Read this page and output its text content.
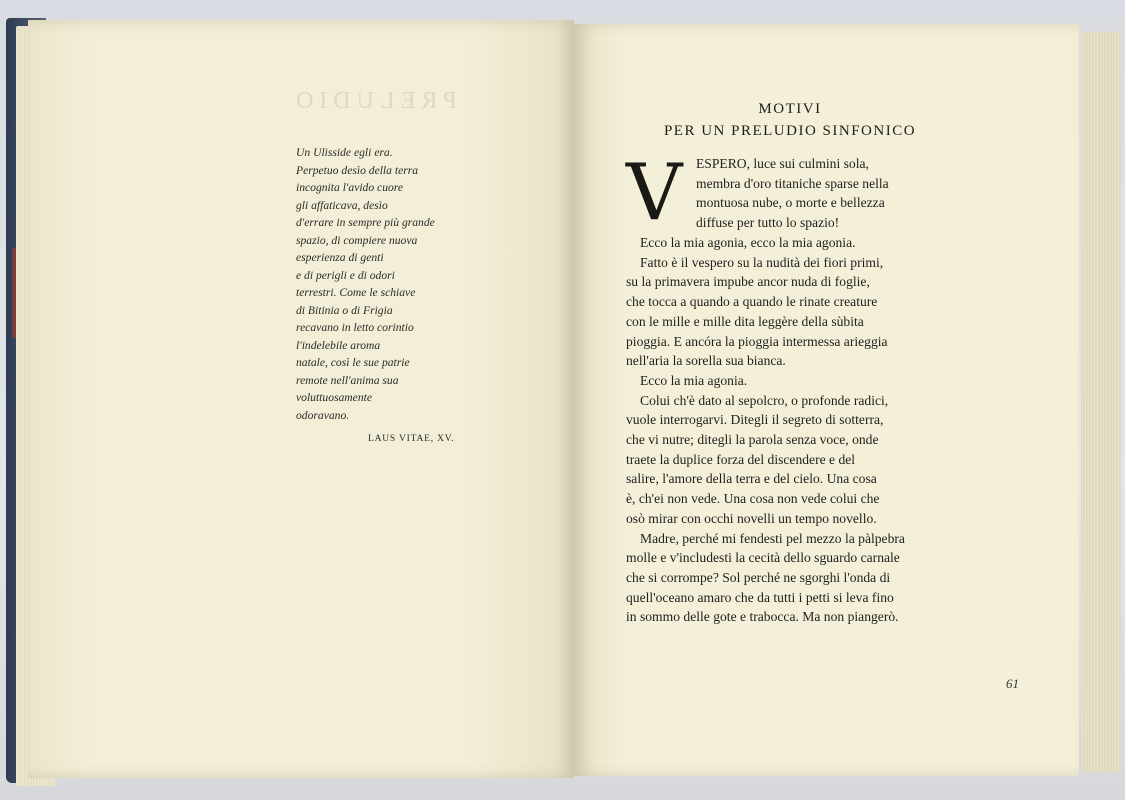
PRELUDIO
Un Ulisside egli era.
Perpetuo desìo della terra
incognita l'avido cuore
gli affaticava, desìo
d'errare in sempre più grande
spazio, di compiere nuova
esperienza di genti
e di perigli e di odori
terrestri. Come le schiave
di Bitinia o di Frigia
recavano in letto corintio
l'indelebile aroma
natale, così le sue patrie
remote nell'anima sua
voluttuosamente
odoravano.
LAUS VITAE, XV.
MOTIVI
PER UN PRELUDIO SINFONICO
V ESPERO, luce sui culmini sola,
membra d'oro titaniche sparse nella
montuosa nube, o morte e bellezza
diffuse per tutto lo spazio!
Ecco la mia agonia, ecco la mia agonia.
Fatto è il vespero su la nudità dei fiori primi,
su la primavera impube ancor nuda di foglie,
che tocca a quando a quando le rinate creature
con le mille e mille dita leggère della sùbita
pioggia. E ancóra la pioggia intermessa arieggia
nell'aria la sorella sua bianca.
Ecco la mia agonia.
Colui ch'è dato al sepolcro, o profonde radici,
vuole interrogarvi. Ditegli il segreto di sotterra,
che vi nutre; ditegli la parola senza voce, onde
traete la duplice forza del discendere e del
salire, l'amore della terra e del cielo. Una cosa
è, ch'ei non vede. Una cosa non vede colui che
osò mirar con occhi novelli un tempo novello.
Madre, perché mi fendesti pel mezzo la pàlpebra
molle e v'includesti la cecità dello sguardo carnale
che si corrompe? Sol perché ne sgorghi l'onda di
quell'oceano amaro che da tutti i petti si leva fino
in sommo delle gote e trabocca. Ma non piangerò.
61
